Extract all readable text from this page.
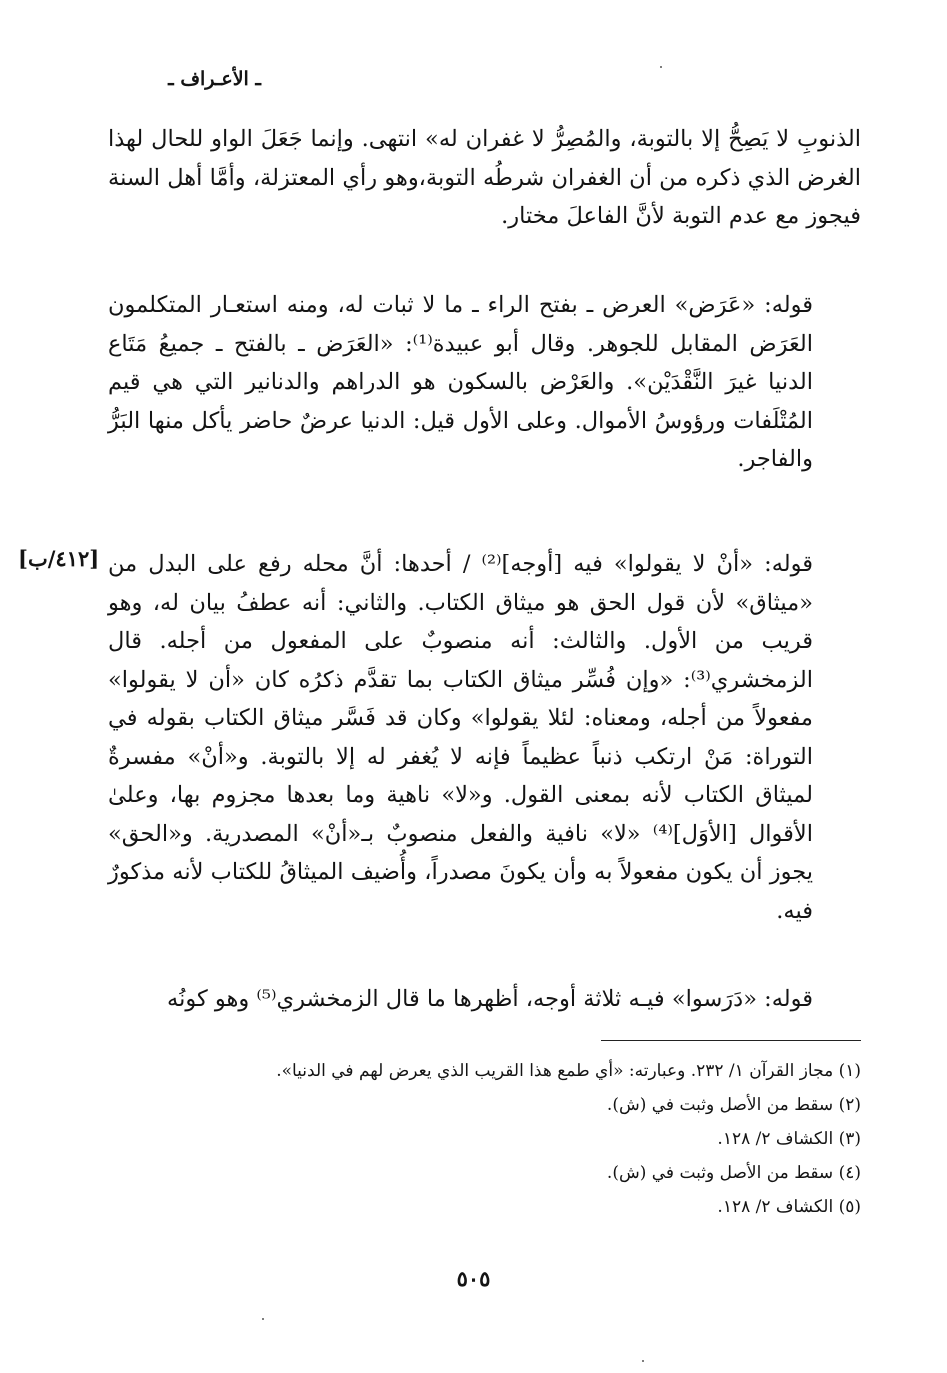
ـ الأعـراف ـ

الذنوبِ لا يَصِحُّ إلا بالتوبة، والمُصِرُّ لا غفران له» انتهى. وإنما جَعَلَ الواو للحال لهذا الغرض الذي ذكره من أن الغفران شرطُه التوبة،وهو رأي المعتزلة، وأمَّا أهل السنة فيجوز مع عدم التوبة لأنَّ الفاعلَ مختار.

قوله: «عَرَض» العرض ـ بفتح الراء ـ ما لا ثبات له، ومنه استعـار المتكلمون العَرَض المقابل للجوهر. وقال أبو عبيدة⁽¹⁾: «العَرَض ـ بالفتح ـ جميعُ مَتَاع الدنيا غيرَ النَّقْدَيْن». والعَرْض بالسكون هو الدراهم والدنانير التي هي قيم المُتْلَفات ورؤوسُ الأموال. وعلى الأول قيل: الدنيا عرضٌ حاضر يأكل منها البَرُّ والفاجر.

[٤١٢/ب] قوله: «أنْ لا يقولوا» فيه [أوجه]⁽²⁾ / أحدها: أنَّ محله رفع على البدل من «ميثاق» لأن قول الحق هو ميثاق الكتاب. والثاني: أنه عطفُ بيان له، وهو قريب من الأول. والثالث: أنه منصوبٌ على المفعول من أجله. قال الزمخشري⁽³⁾: «وإن فُسِّر ميثاق الكتاب بما تقدَّم ذكرُه كان «أن لا يقولوا» مفعولاً من أجله، ومعناه: لئلا يقولوا» وكان قد فَسَّر ميثاق الكتاب بقوله في التوراة: مَنْ ارتكب ذنباً عظيماً فإنه لا يُغفر له إلا بالتوبة. و«أنْ» مفسرةٌ لميثاق الكتاب لأنه بمعنى القول. و«لا» ناهية وما بعدها مجزوم بها، وعلىٰ الأقوال [الأوَل]⁽⁴⁾ «لا» نافية والفعل منصوبٌ بـ«أنْ» المصدرية. و«الحق» يجوز أن يكون مفعولاً به وأن يكونَ مصدراً، وأُضيف الميثاقُ للكتاب لأنه مذكورٌ فيه.

قوله: «دَرَسوا» فيـه ثلاثة أوجه، أظهرها ما قال الزمخشري⁽⁵⁾ وهو كونُه

(١) مجاز القرآن ١/ ٢٣٢. وعبارته: «أي طمع هذا القريب الذي يعرض لهم في الدنيا».
(٢) سقط من الأصل وثبت في (ش).
(٣) الكشاف ٢/ ١٢٨.
(٤) سقط من الأصل وثبت في (ش).
(٥) الكشاف ٢/ ١٢٨.
٥٠٥
